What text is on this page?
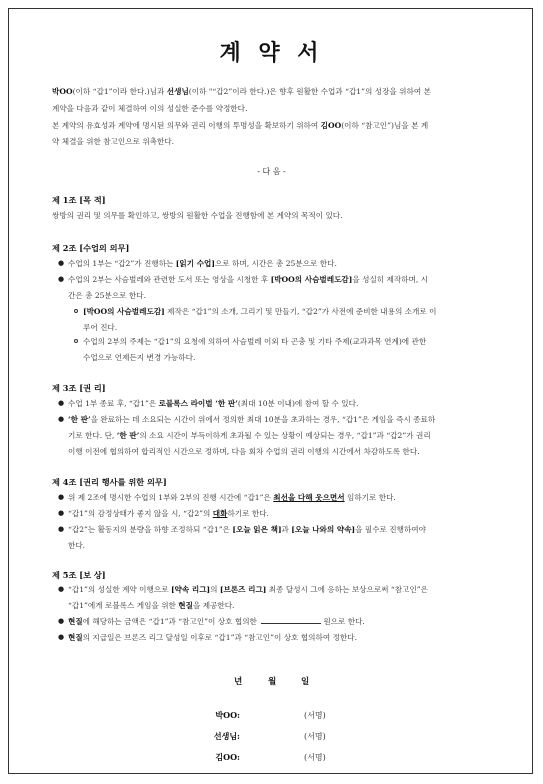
계 약 서
박OO(이하 “갑1”이라 한다.)님과 선생님(이하 "“갑2”이라 한다.)은 향후 원활한 수업과 “갑1”의 성장을 위하여 본
계약을 다음과 같이 체결하여 이의 성실한 준수를 약정한다.
본 계약의 유효성과 계약에 명시된 의무와 권리 이행의 투명성을 확보하기 위하여 김OO(이하 “참고인”)님을 본 계
약 체결을 위한 참고인으로 위촉한다.
- 다 음 -
제 1조 [목 적]
쌍방의 권리 및 의무를 확인하고, 쌍방의 원활한 수업을 진행함에 본 계약의 목적이 있다.
제 2조 [수업의 의무]
● 수업의 1부는 “갑2”가 진행하는 [읽기 수업]으로 하며, 시간은 총 25분으로 한다.
● 수업의 2부는 사슴벌레와 관련한 도서 또는 영상을 시청한 후 [박OO의 사슴벌레도감]을 성실히 제작하며, 시
간은 총 25분으로 한다.
[박OO의 사슴벌레도감] 제작은 “갑1”의 소개, 그리기 및 만들기, “갑2”가 사전에 준비한 내용의 소개로 이
루어 진다.
수업의 2부의 주제는 “갑1”의 요청에 의하여 사슴벌레 이외 타 곤충 및 기타 주제(교과과목 연계)에 관한
수업으로 언제든지 변경 가능하다.
제 3조 [권 리]
● 수업 1부 종료 후, “갑1”은 로블록스 라이벌 ‘한 판’(최대 10분 이내)에 참여 할 수 있다.
● ‘한 판’을 완료하는 데 소요되는 시간이 위에서 정의한 최대 10분을 초과하는 경우, “갑1”은 게임을 즉시 종료하
기로 한다. 단, ‘한 판’의 소요 시간이 부득이하게 초과될 수 있는 상황이 예상되는 경우, “갑1”과 “갑2”가 권리
이행 이전에 협의하여 합리적인 시간으로 정하며, 다음 회차 수업의 권리 이행의 시간에서 차감하도록 한다.
제 4조 [권리 행사를 위한 의무]
● 위 제 2조에 명시한 수업의 1부와 2부의 진행 시간에 “갑1”은 최선을 다해 웃으면서 임하기로 한다.
● “갑1”의 감정상태가 좋지 않을 시, “갑2”의 대화하기로 한다.
● “갑2”는 활동지의 분량을 하향 조정하되 “갑1”은 [오늘 읽은 책]과 [오늘 나와의 약속]을 필수로 진행하여야
한다.
제 5조 [보 상]
● “갑1”의 성실한 계약 이행으로 [약속 리그]의 [브론즈 리그] 최종 달성시 그에 응하는 보상으로써 “참고인”은
“갑1”에게 로블록스 게임을 위한 현질을 제공한다.
● 현질에 해당하는 금액은 “갑1”과 “참고인”이 상호 협의한	원으로 한다.
● 현질의 지급일은 브론즈 리그 달성일 이후로 “갑1”과 “참고인”이 상호 협의하여 정한다.
년	월	일
박OO:	(서명)
선생님:	(서명)
김OO:	(서명)
